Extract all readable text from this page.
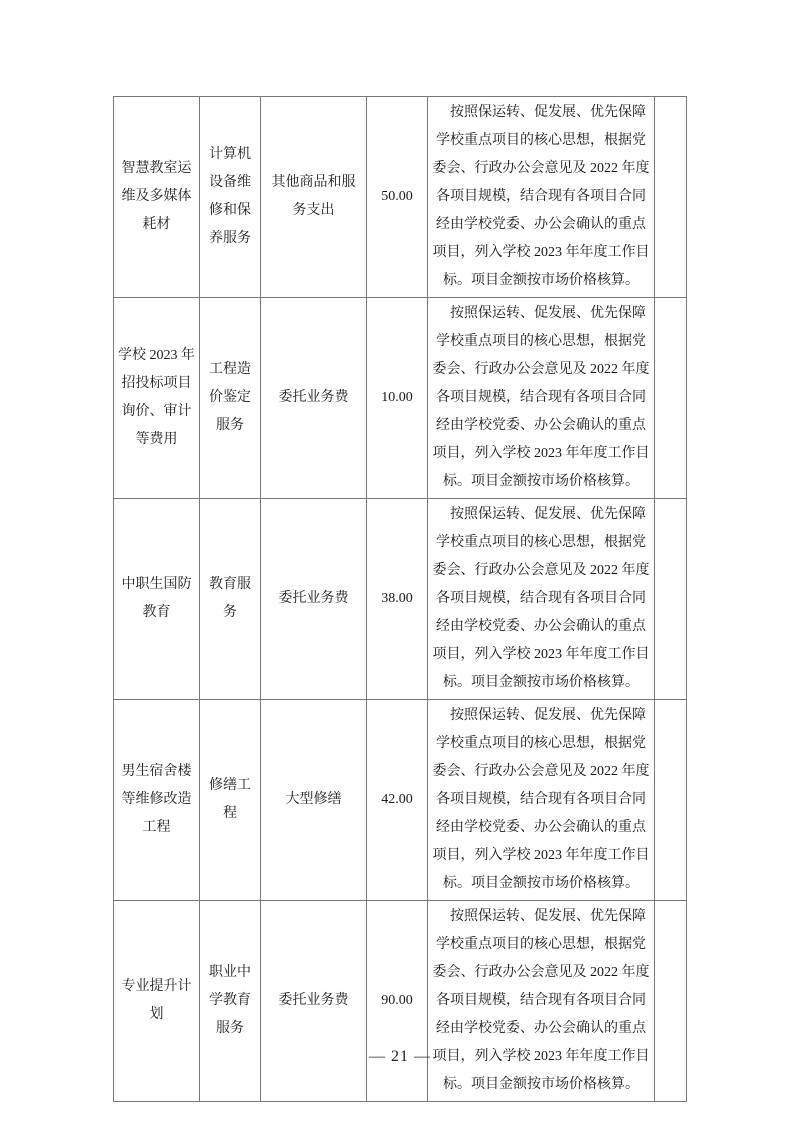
智慧教室运维及多媒体耗材	计算机设备维修和保养服务	其他商品和服务支出	50.00	按照保运转、促发展、优先保障学校重点项目的核心思想，根据党委会、行政办公会意见及 2022 年度各项目规模，结合现有各项目合同经由学校党委、办公会确认的重点项目，列入学校 2023 年年度工作目标。项目金额按市场价格核算。	
学校 2023 年招投标项目询价、审计等费用	工程造价鉴定服务	委托业务费	10.00	按照保运转、促发展、优先保障学校重点项目的核心思想，根据党委会、行政办公会意见及 2022 年度各项目规模，结合现有各项目合同经由学校党委、办公会确认的重点项目，列入学校 2023 年年度工作目标。项目金额按市场价格核算。	
中职生国防教育	教育服务	委托业务费	38.00	按照保运转、促发展、优先保障学校重点项目的核心思想，根据党委会、行政办公会意见及 2022 年度各项目规模，结合现有各项目合同经由学校党委、办公会确认的重点项目，列入学校 2023 年年度工作目标。项目金额按市场价格核算。	
男生宿舍楼等维修改造工程	修缮工程	大型修缮	42.00	按照保运转、促发展、优先保障学校重点项目的核心思想，根据党委会、行政办公会意见及 2022 年度各项目规模，结合现有各项目合同经由学校党委、办公会确认的重点项目，列入学校 2023 年年度工作目标。项目金额按市场价格核算。	
专业提升计划	职业中学教育服务	委托业务费	90.00	按照保运转、促发展、优先保障学校重点项目的核心思想，根据党委会、行政办公会意见及 2022 年度各项目规模，结合现有各项目合同经由学校党委、办公会确认的重点项目，列入学校 2023 年年度工作目标。项目金额按市场价格核算。	
— 21 —
